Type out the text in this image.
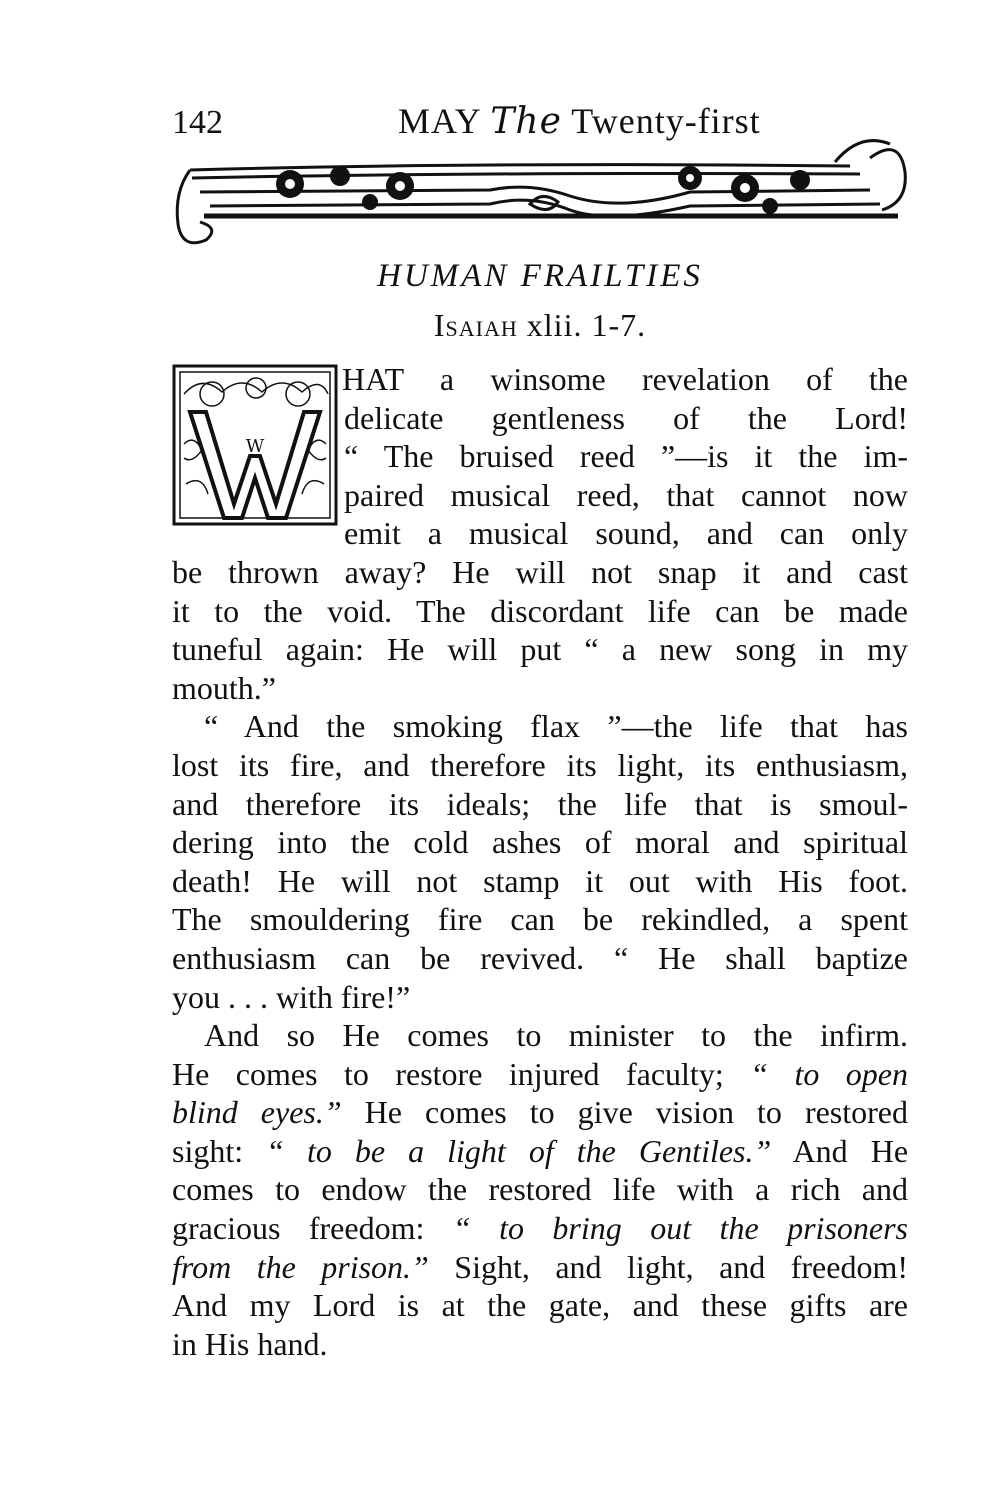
142	MAY The Twenty-first
HUMAN FRAILTIES
Isaiah xlii. 1-7.
W
HAT a winsome revelation of the
delicate gentleness of the Lord!
“ The bruised reed ”—is it the im-
paired musical reed, that cannot now
emit a musical sound, and can only
be thrown away? He will not snap it and cast
it to the void. The discordant life can be made
tuneful again: He will put “ a new song in my
mouth.”
“ And the smoking flax ”—the life that has
lost its fire, and therefore its light, its enthusiasm,
and therefore its ideals; the life that is smoul-
dering into the cold ashes of moral and spiritual
death! He will not stamp it out with His foot.
The smouldering fire can be rekindled, a spent
enthusiasm can be revived. “ He shall baptize
you . . . with fire!”
And so He comes to minister to the infirm.
He comes to restore injured faculty; “ to open
blind eyes.” He comes to give vision to restored
sight: “ to be a light of the Gentiles.” And He
comes to endow the restored life with a rich and
gracious freedom: “ to bring out the prisoners
from the prison.” Sight, and light, and freedom!
And my Lord is at the gate, and these gifts are
in His hand.
